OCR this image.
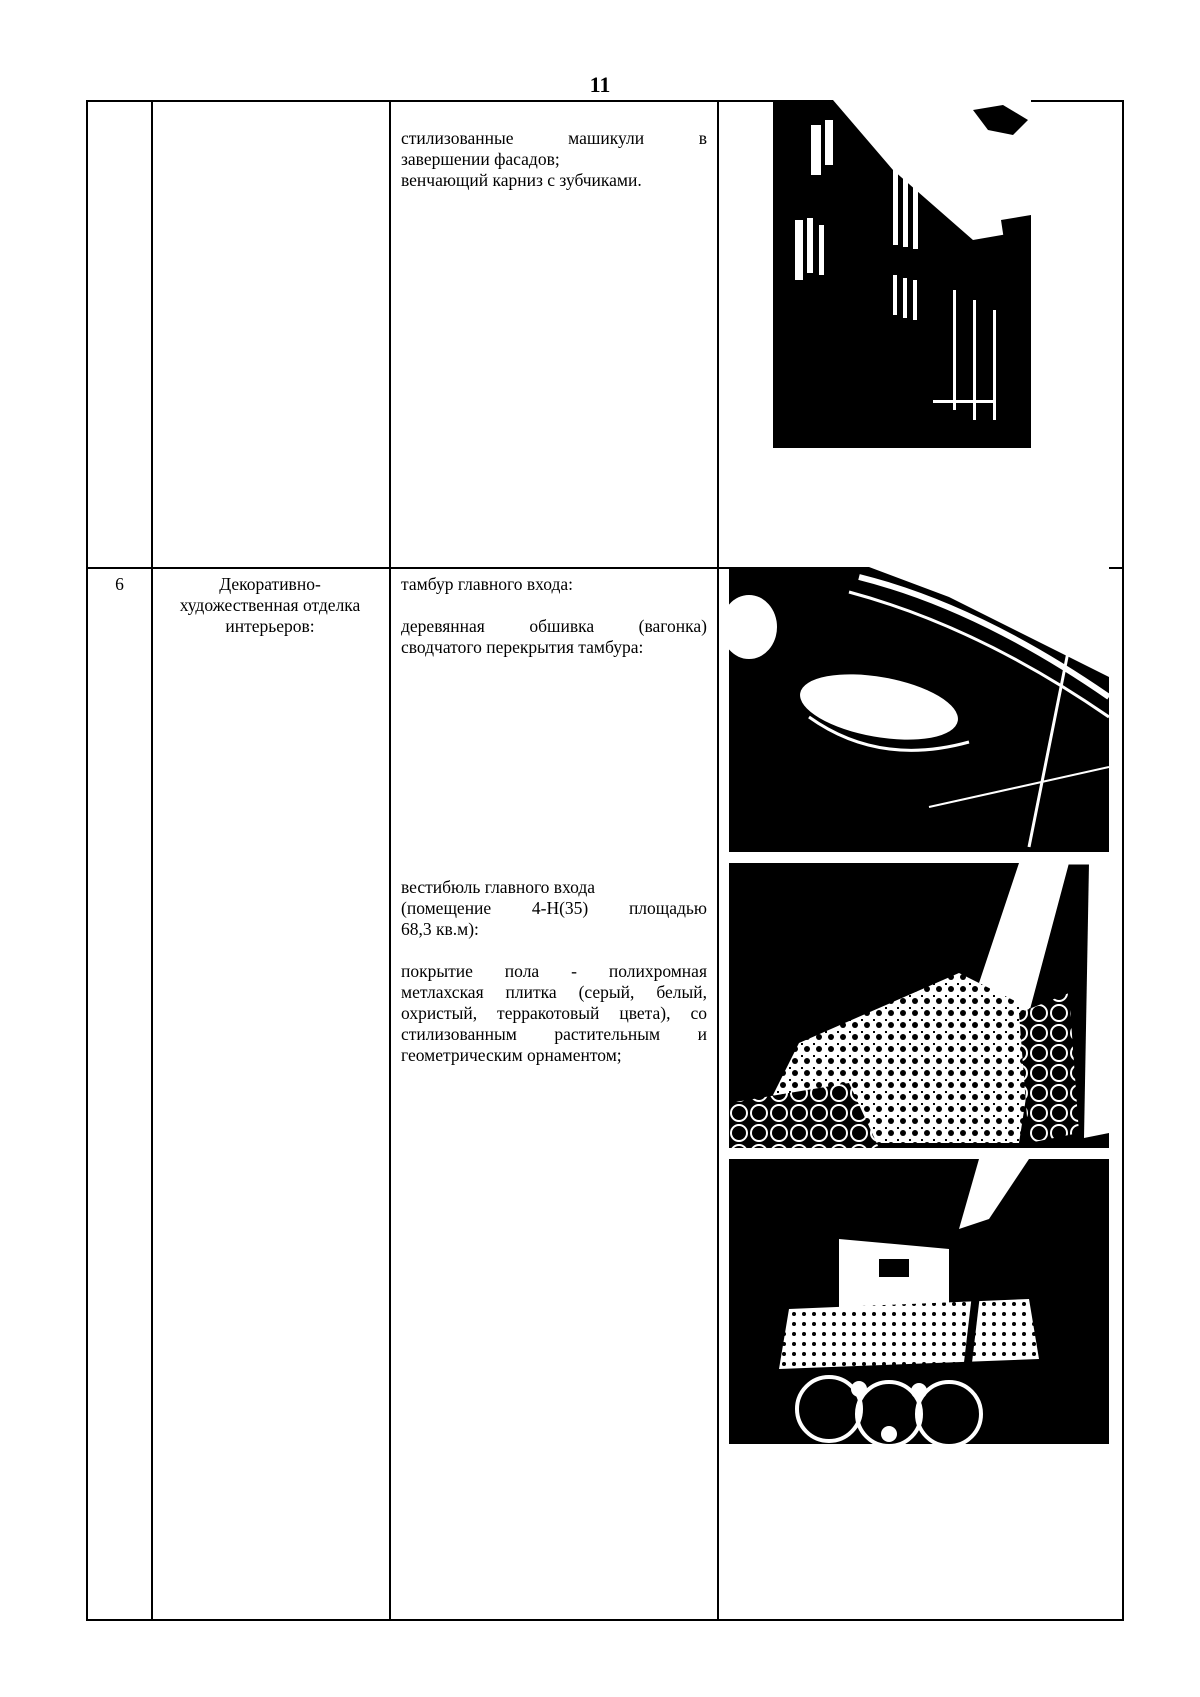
11

стилизованные машикули в

завершении фасадов;

венчающий карниз с зубчиками.

6	Декоративно-

художественная отделка

интерьеров:

тамбур главного входа:

деревянная обшивка (вагонка)

сводчатого перекрытия тамбура:

вестибюль главного входа

(помещение 4-Н(35) площадью

68,3 кв.м):

покрытие пола - полихромная

метлахская плитка (серый, белый,

охристый, терракотовый цвета), со

стилизованным растительным и

геометрическим орнаментом;
